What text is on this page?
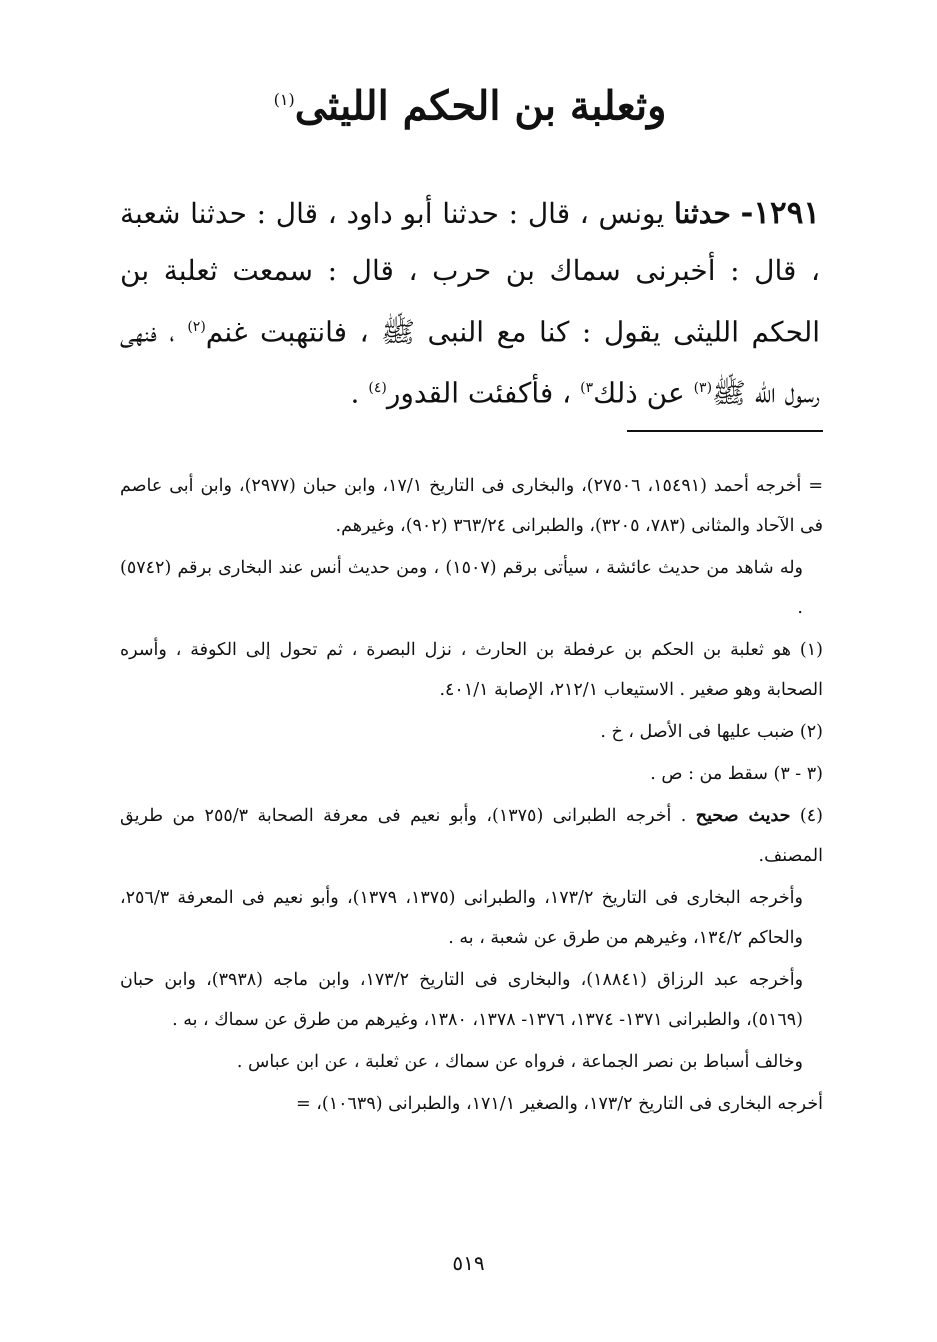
وثعلبة بن الحكم الليثى$^{(١)}$
١٢٩١- حدثنا يونس ، قال : حدثنا أبو داود ، قال : حدثنا شعبة ، قال : أخبرنى سماك بن حرب ، قال : سمعت ثعلبة بن الحكم الليثى يقول : كنا مع النبى ﷺ ، فانتهبت غنم$^{(٢)}$ ، فنهى رسول الله ﷺ$^{(٣)}$ عن ذلك$^{٣)}$ ، فأكفئت القدور$^{(٤)}$ .

= أخرجه أحمد (١٥٤٩١، ٢٧٥٠٦)، والبخارى فى التاريخ ١٧/١، وابن حبان (٢٩٧٧)، وابن أبى عاصم فى الآحاد والمثانى (٧٨٣، ٣٢٠٥)، والطبرانى ٣٦٣/٢٤ (٩٠٢)، وغيرهم.

وله شاهد من حديث عائشة ، سيأتى برقم (١٥٠٧) ، ومن حديث أنس عند البخارى برقم (٥٧٤٢) .

(١) هو ثعلبة بن الحكم بن عرفطة بن الحارث ، نزل البصرة ، ثم تحول إلى الكوفة ، وأسره الصحابة وهو صغير . الاستيعاب ٢١٢/١، الإصابة ٤٠١/١.

(٢) ضبب عليها فى الأصل ، خ .

(٣ - ٣) سقط من : ص .

(٤) حديث صحيح . أخرجه الطبرانى (١٣٧٥)، وأبو نعيم فى معرفة الصحابة ٢٥٥/٣ من طريق المصنف.

وأخرجه البخارى فى التاريخ ١٧٣/٢، والطبرانى (١٣٧٥، ١٣٧٩)، وأبو نعيم فى المعرفة ٢٥٦/٣، والحاكم ١٣٤/٢، وغيرهم من طرق عن شعبة ، به .

وأخرجه عبد الرزاق (١٨٨٤١)، والبخارى فى التاريخ ١٧٣/٢، وابن ماجه (٣٩٣٨)، وابن حبان (٥١٦٩)، والطبرانى ١٣٧١- ١٣٧٤، ١٣٧٦- ١٣٧٨، ١٣٨٠، وغيرهم من طرق عن سماك ، به .

وخالف أسباط بن نصر الجماعة ، فرواه عن سماك ، عن ثعلبة ، عن ابن عباس .

أخرجه البخارى فى التاريخ ١٧٣/٢، والصغير ١٧١/١، والطبرانى (١٠٦٣٩)، =

٥١٩
